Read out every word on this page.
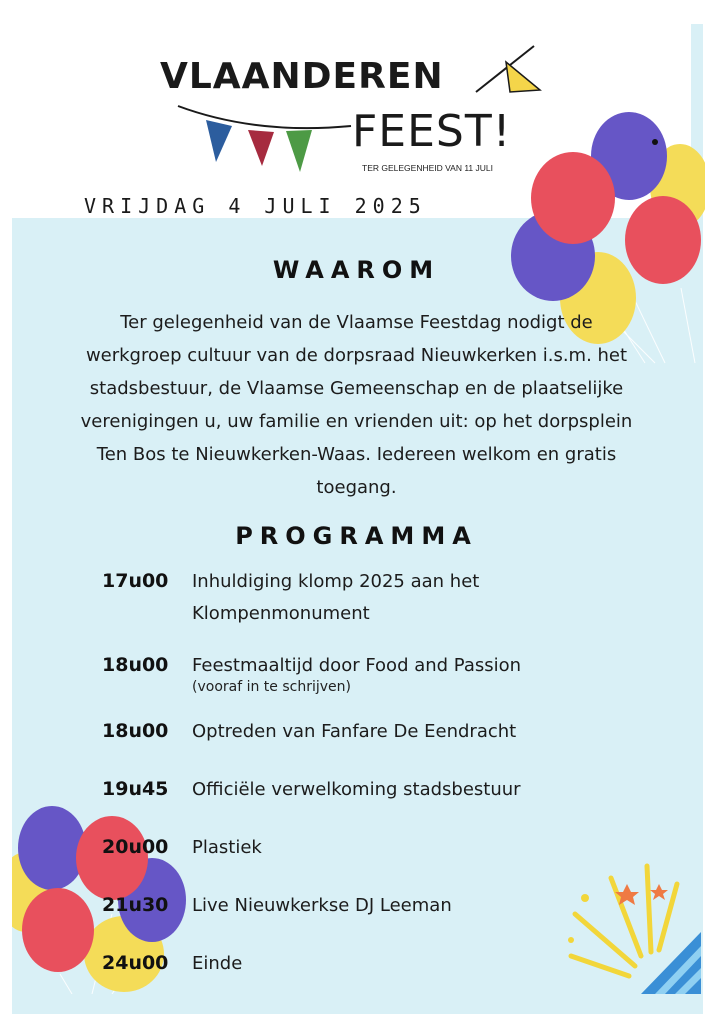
VLAANDEREN
FEEST!
TER GELEGENHEID VAN 11 JULI
VRIJDAG 4 JULI 2025
WAAROM
Ter gelegenheid van de Vlaamse Feestdag nodigt de
werkgroep cultuur van de dorpsraad Nieuwkerken i.s.m. het
stadsbestuur, de Vlaamse Gemeenschap en de plaatselijke
verenigingen u, uw familie en vrienden uit: op het dorpsplein
Ten Bos te Nieuwkerken-Waas. Iedereen welkom en gratis
toegang.
PROGRAMMA
17u00 Inhuldiging klomp 2025 aan het
Klompenmonument
18u00 Feestmaaltijd door Food and Passion
(vooraf in te schrijven)
18u00 Optreden van Fanfare De Eendracht
19u45 Officiële verwelkoming stadsbestuur
20u00 Plastiek
21u30 Live Nieuwkerkse DJ Leeman
24u00 Einde
